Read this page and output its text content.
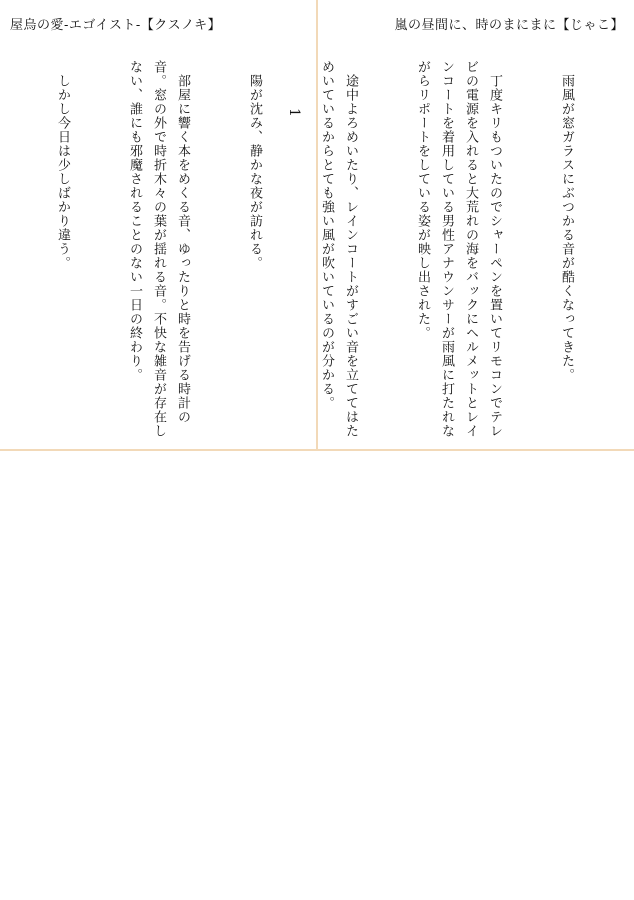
屋烏の愛-エゴイスト-【クスノキ】
1

　陽が沈み、静かな夜が訪れる。

　部屋に響く本をめくる音、ゆったりと時を告げる時計の音。窓の外で時折木々の葉が揺れる音。不快な雑音が存在しない、誰にも邪魔されることのない一日の終わり。

　しかし今日は少しばかり違う。

嵐の昼間に、時のまにまに【じゃこ】

　雨風が窓ガラスにぶつかる音が酷くなってきた。

　丁度キリもついたのでシャーペンを置いてリモコンでテレビの電源を入れると大荒れの海をバックにヘルメットとレインコートを着用している男性アナウンサーが雨風に打たれながらリポートをしている姿が映し出された。

　途中よろめいたり、レインコートがすごい音を立ててはためいているからとても強い風が吹いているのが分かる。
